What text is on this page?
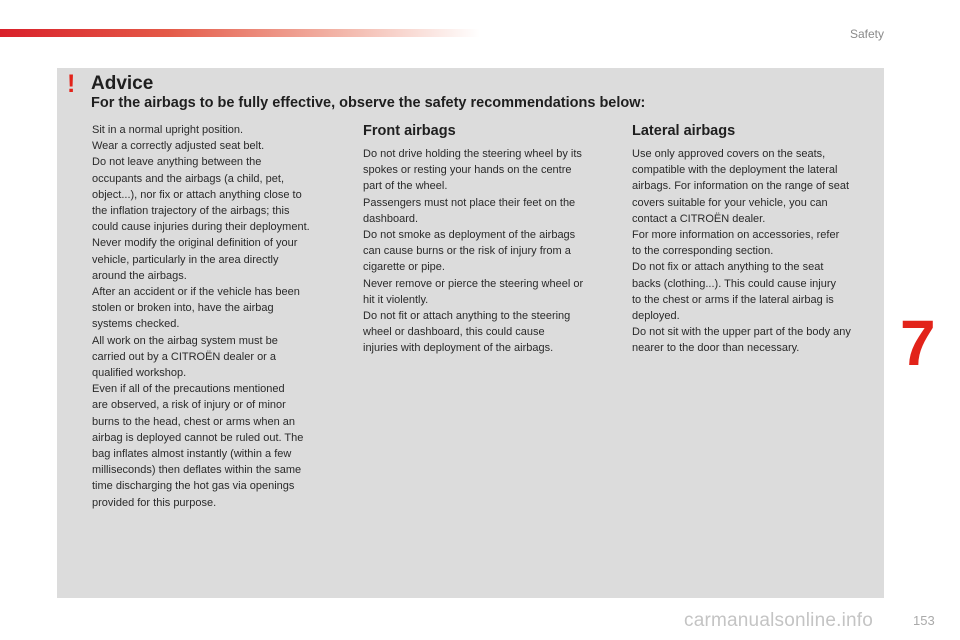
Safety
! Advice
For the airbags to be fully effective, observe the safety recommendations below:
Sit in a normal upright position.
Wear a correctly adjusted seat belt.
Do not leave anything between the
occupants and the airbags (a child, pet,
object...), nor fix or attach anything close to
the inflation trajectory of the airbags; this
could cause injuries during their deployment.
Never modify the original definition of your
vehicle, particularly in the area directly
around the airbags.
After an accident or if the vehicle has been
stolen or broken into, have the airbag
systems checked.
All work on the airbag system must be
carried out by a CITROËN dealer or a
qualified workshop.
Even if all of the precautions mentioned
are observed, a risk of injury or of minor
burns to the head, chest or arms when an
airbag is deployed cannot be ruled out. The
bag inflates almost instantly (within a few
milliseconds) then deflates within the same
time discharging the hot gas via openings
provided for this purpose.
Front airbags
Do not drive holding the steering wheel by its
spokes or resting your hands on the centre
part of the wheel.
Passengers must not place their feet on the
dashboard.
Do not smoke as deployment of the airbags
can cause burns or the risk of injury from a
cigarette or pipe.
Never remove or pierce the steering wheel or
hit it violently.
Do not fit or attach anything to the steering
wheel or dashboard, this could cause
injuries with deployment of the airbags.
Lateral airbags
Use only approved covers on the seats,
compatible with the deployment the lateral
airbags. For information on the range of seat
covers suitable for your vehicle, you can
contact a CITROËN dealer.
For more information on accessories, refer
to the corresponding section.
Do not fix or attach anything to the seat
backs (clothing...). This could cause injury
to the chest or arms if the lateral airbag is
deployed.
Do not sit with the upper part of the body any
nearer to the door than necessary.	7
carmanualsonline.info	153
